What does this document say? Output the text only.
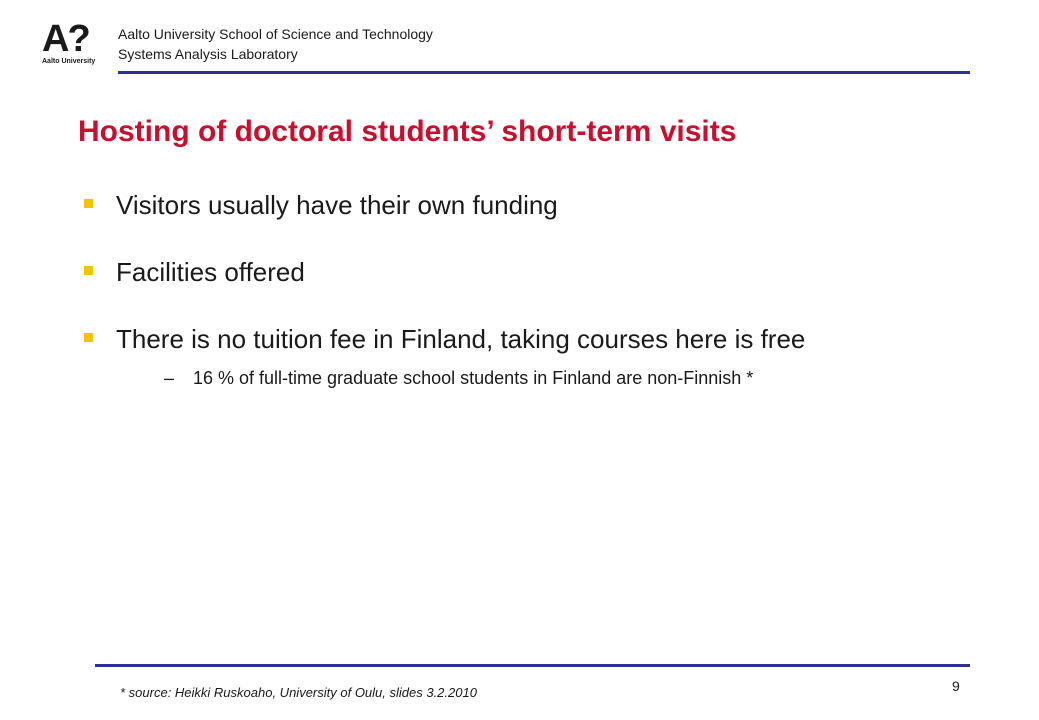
A?
Aalto University
Aalto University School of Science and Technology
Systems Analysis Laboratory
Hosting of doctoral students’ short-term visits
Visitors usually have their own funding
Facilities offered
There is no tuition fee in Finland, taking courses here is free
– 16 % of full-time graduate school students in Finland are non-Finnish *
* source: Heikki Ruskoaho, University of Oulu, slides 3.2.2010	9
